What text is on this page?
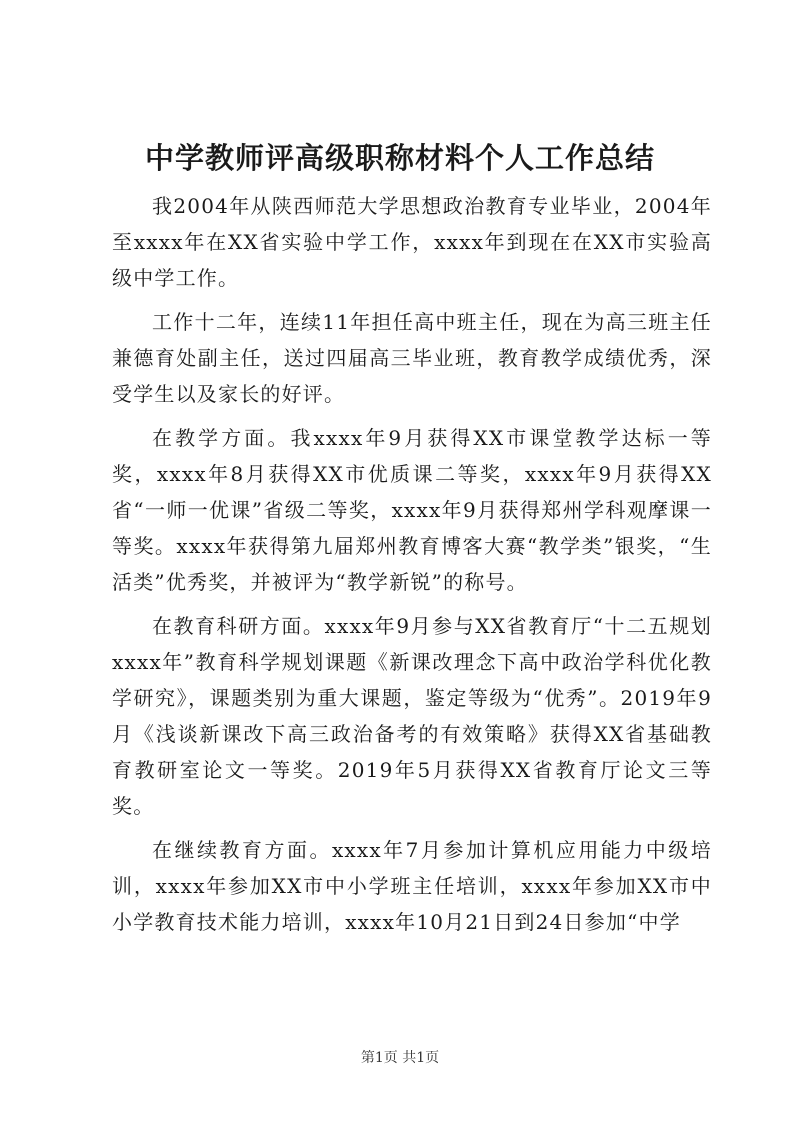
中学教师评高级职称材料个人工作总结

我2004年从陕西师范大学思想政治教育专业毕业，2004年至xxxx年在XX省实验中学工作，xxxx年到现在在XX市实验高级中学工作。

工作十二年，连续11年担任高中班主任，现在为高三班主任兼德育处副主任，送过四届高三毕业班，教育教学成绩优秀，深受学生以及家长的好评。

在教学方面。我xxxx年9月获得XX市课堂教学达标一等奖，xxxx年8月获得XX市优质课二等奖，xxxx年9月获得XX省“一师一优课”省级二等奖，xxxx年9月获得郑州学科观摩课一等奖。xxxx年获得第九届郑州教育博客大赛“教学类”银奖，“生活类”优秀奖，并被评为“教学新锐”的称号。

在教育科研方面。xxxx年9月参与XX省教育厅“十二五规划xxxx年”教育科学规划课题《新课改理念下高中政治学科优化教学研究》，课题类别为重大课题，鉴定等级为“优秀”。2019年9月《浅谈新课改下高三政治备考的有效策略》获得XX省基础教育教研室论文一等奖。2019年5月获得XX省教育厅论文三等奖。

在继续教育方面。xxxx年7月参加计算机应用能力中级培训，xxxx年参加XX市中小学班主任培训，xxxx年参加XX市中小学教育技术能力培训，xxxx年10月21日到24日参加“中学

第1页 共1页
